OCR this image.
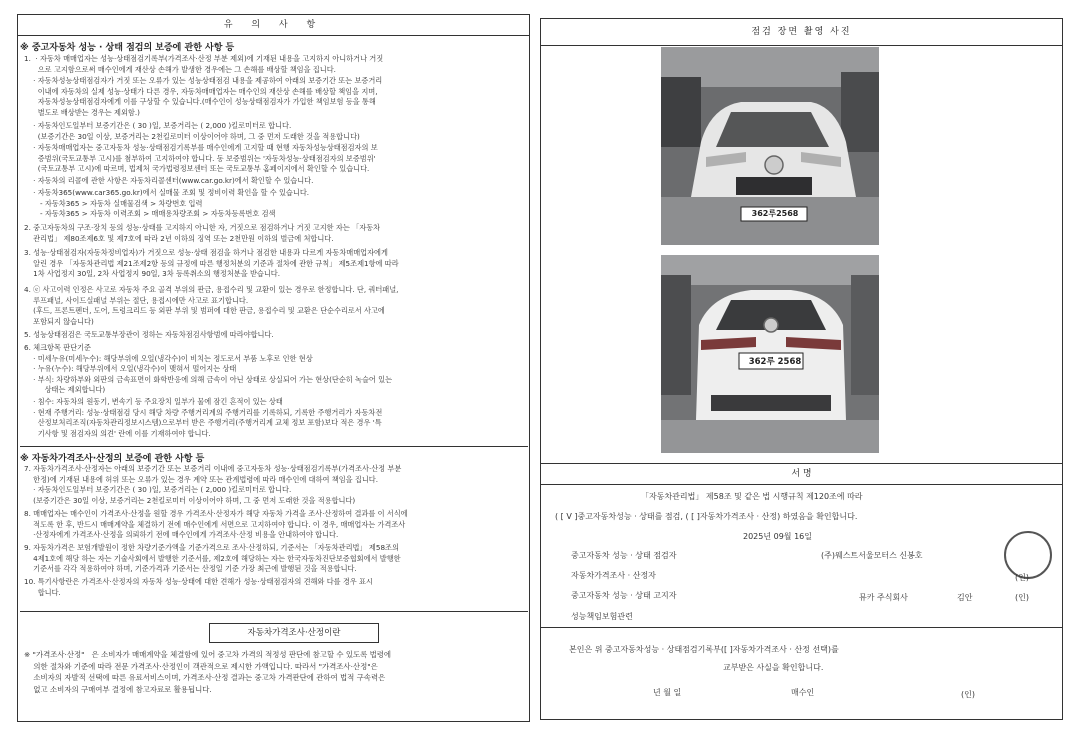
유 의 사 항
※ 중고자동차 성능 · 상태 점검의 보증에 관한 사항 등
1.  · 자동차 매매업자는 성능·상태점검기록부(가격조사·산정 부분 제외)에 기재된 내용을 고지하지 아니하거나 거짓
으로 고지함으로써 매수인에게 재산상 손해가 발생한 경우에는 그 손해를 배상할 책임을 집니다.
· 자동차성능상태점검자가 거짓 또는 오류가 있는 성능상태점검 내용을 제공하여 아래의 보증기간 또는 보증거리
이내에 자동차의 실제 성능·상태가 다른 경우, 자동차매매업자는 매수인의 재산상 손해를 배상할 책임을 지며,
자동차성능상태점검자에게 이를 구상할 수 있습니다.(매수인이 성능상태점검자가 가입한 책임보험 등을 통해
별도로 배상받는 경우는 제외함.)
· 자동차인도일부터 보증기간은 ( 30 )일, 보증거리는 ( 2,000 )킬로미터로 합니다.
(보증기간은 30일 이상, 보증거리는 2천킬로미터 이상이어야 하며, 그 중 먼저 도래한 것을 적용합니다)
· 자동차매매업자는 중고자동차 성능·상태점검기록부를 매수인에게 고지할 때 현행 자동차성능상태점검자의 보
증범위(국토교통부 고시)를 첨부하여 고지하여야 합니다. 동 보증범위는 '자동차성능·상태점검자의 보증범위'
(국토교통부 고시)에 따르며, 법제처 국가법령정보센터 또는 국토교통부 홈페이지에서 확인할 수 있습니다.
· 자동차의 리콜에 관한 사항은 자동차리콜센터(www.car.go.kr)에서 확인할 수 있습니다.
· 자동차365(www.car365.go.kr)에서 실매물 조회 및 정비이력 확인을 할 수 있습니다.
- 자동차365 > 자동차 실매물검색 > 차량번호 입력
- 자동차365 > 자동차 이력조회 > 매매용차량조회 > 자동차등록번호 검색
2. 중고자동차의 구조·장치 등의 성능·상태를 고지하지 아니한 자, 거짓으로 점검하거나 거짓 고지한 자는 「자동차
관리법」 제80조제6호 및 제7호에 따라 2년 이하의 징역 또는 2천만원 이하의 벌금에 처합니다.
3. 성능·상태점검자(자동차정비업자)가 거짓으로 성능·상태 점검을 하거나 점검한 내용과 다르게 자동차매매업자에게
알린 경우 「자동차관리법 제21조제2항 등의 규정에 따른 행정처분의 기준과 절차에 관한 규칙」 제5조제1항에 따라
1차 사업정지 30일, 2차 사업정지 90일, 3차 등록취소의 행정처분을 받습니다.
4. ⓔ 사고이력 인정은 사고로 자동차 주요 골격 부위의 판금, 용접수리 및 교환이 있는 경우로 한정합니다. 단, 쿼터패널,
루프패널, 사이드실패널 부위는 절단, 용접시에만 사고로 표기합니다.
(후드, 프론트펜더, 도어, 트렁크리드 등 외판 부위 및 범퍼에 대한 판금, 용접수리 및 교환은 단순수리로서 사고에
포함되지 않습니다)
5. 성능상태점검은 국토교통부장관이 정하는 자동차점검사항범에 따라야합니다.
6. 체크항목 판단기준
· 미세누유(미세누수): 해당부위에 오일(냉각수)이 비치는 정도로서 부품 노후로 인한 현상
· 누유(누수): 해당부위에서 오일(냉각수)이 맺혀서 떨어지는 상태
· 부식: 차량하부와 외판의 금속표면이 화학반응에 의해 금속이 아닌 상태로 상실되어 가는 현상(단순히 녹슬어 있는
상태는 제외합니다)
· 침수: 자동차의 원동기, 변속기 등 주요장치 일부가 물에 잠긴 흔적이 있는 상태
· 현재 주행거리: 성능·상태점검 당시 해당 차량 주행거리계의 주행거리를 기록하되, 기록한 주행거리가 자동차전
산정보처리조직(자동차관리정보시스템)으로부터 받은 주행거리(주행거리계 교체 정보 포함)보다 적은 경우 '특
기사항 및 점검자의 의견' 란에 이를 기재하여야 합니다.
※ 자동차가격조사·산정의 보증에 관한 사항 등
7. 자동차가격조사·산정자는 아래의 보증기간 또는 보증거리 이내에 중고자동차 성능·상태점검기록부(가격조사·산정 부분
한정)에 기재된 내용에 허위 또는 오류가 있는 경우 계약 또는 관계법령에 따라 매수인에 대하여 책임을 집니다.
· 자동차인도일부터 보증기간은 ( 30 )일, 보증거리는 ( 2,000 )킬로미터로 합니다.
(보증기간은 30일 이상, 보증거리는 2천킬로미터 이상이어야 하며, 그 중 먼저 도래한 것을 적용합니다)
8. 매매업자는 매수인이 가격조사·산정을 원할 경우 가격조사·산정자가 해당 자동차 가격을 조사·산정하여 결과를 이 서식에
적도록 한 후, 반드시 매매계약을 체결하기 전에 매수인에게 서면으로 고지하여야 합니다. 이 경우, 매매업자는 가격조사
·산정자에게 가격조사·산정을 의뢰하기 전에 매수인에게 가격조사·산정 비용을 안내하여야 합니다.
9. 자동차가격은 보험개발원이 정한 차량기준가액을 기준가격으로 조사·산정하되, 기준서는 「자동차관리법」 제58조의
4제1호에 해당 하는 자는 기술사회에서 발행한 기준서를, 제2호에 해당하는 자는 한국자동차진단보증협회에서 발행한
기준서를 각각 적용하여야 하며, 기준가격과 기준서는 산정일 기준 가장 최근에 발행된 것을 적용합니다.
10. 특기사항란은 가격조사·산정자의 자동차 성능·상태에 대한 견해가 성능·상태점검자의 견해와 다를 경우 표시
합니다.
자동차가격조사·산정이란
※ "가격조사·산정"   은 소비자가 매매계약을 체결함에 있어 중고차 가격의 적정성 판단에 참고할 수 있도록 법령에
의한 절차와 기준에 따라 전문 가격조사·산정인이 객관적으로 제시한 가액입니다. 따라서 "가격조사·산정"은
소비자의 자발적 선택에 따른 유료서비스이며, 가격조사·산정 결과는 중고차 가격판단에 관하여 법적 구속력은
없고 소비자의 구매여부 결정에 참고자료로 활용됩니다.
점검 장면 촬영 사진
362루2568
362루 2568
서 명
「자동차관리법」 제58조 및 같은 법 시행규칙 제120조에 따라
( [ V ]중고자동차성능 · 상태를 점검, ( [ ]자동차가격조사 · 산정) 하였음을 확인합니다.
2025년 09월 16일
중고자동차 성능 · 상태 점검자	(주)웨스트서울모터스 신봉호
자동차가격조사 · 산정자	(인)
중고자동차 성능 · 상태 고지자	뮤카 주식회사	김안	(인)
성능책임보험관련
본인은 위 중고자동차성능 · 상태점검기록부([ ]자동차가격조사 · 산정 선택)를
교부받은 사실을 확인합니다.
년 월 일	매수인	(인)
